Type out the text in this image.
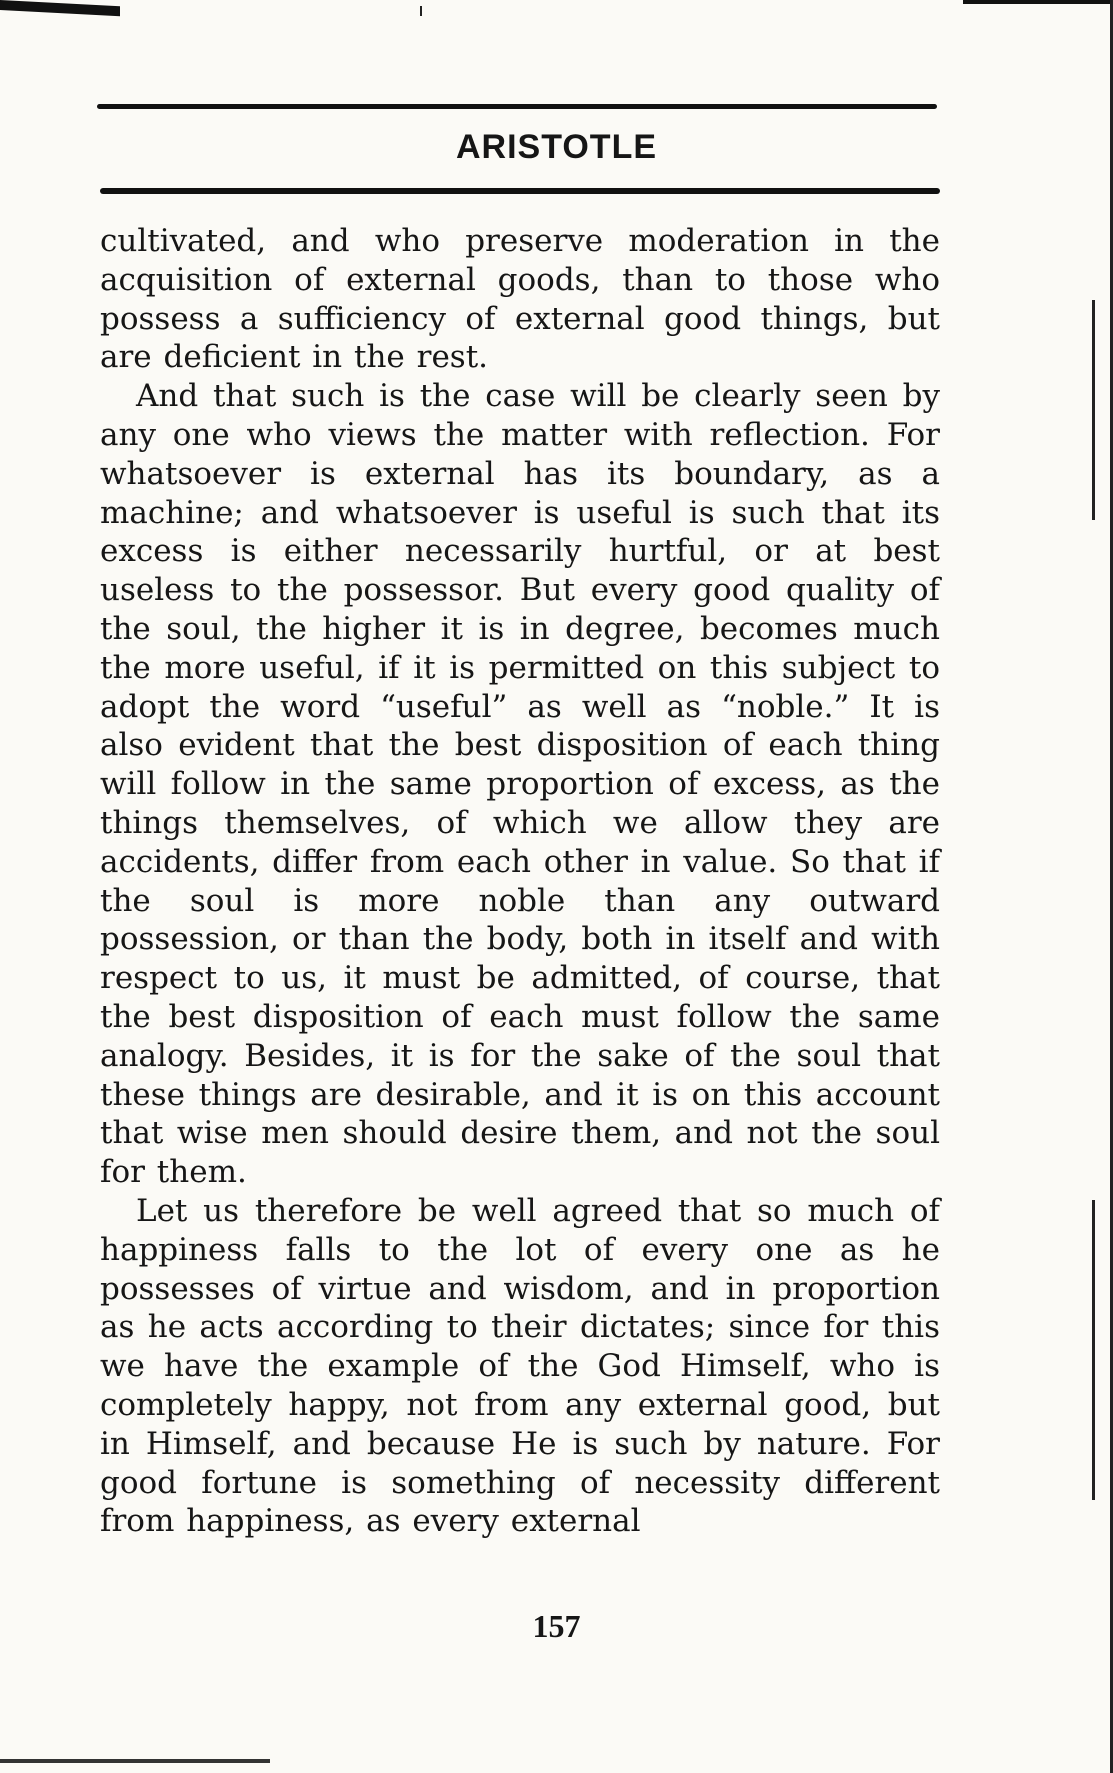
ARISTOTLE

cultivated, and who preserve moderation in the acquisition of external goods, than to those who possess a sufficiency of external good things, but are deficient in the rest.

And that such is the case will be clearly seen by any one who views the matter with reflection. For whatsoever is external has its boundary, as a machine; and whatsoever is useful is such that its excess is either necessarily hurtful, or at best useless to the possessor. But every good quality of the soul, the higher it is in degree, becomes much the more useful, if it is permitted on this subject to adopt the word “useful” as well as “noble.” It is also evident that the best disposition of each thing will follow in the same proportion of excess, as the things themselves, of which we allow they are accidents, differ from each other in value. So that if the soul is more noble than any outward possession, or than the body, both in itself and with respect to us, it must be admitted, of course, that the best disposition of each must follow the same analogy. Besides, it is for the sake of the soul that these things are desirable, and it is on this account that wise men should desire them, and not the soul for them.

Let us therefore be well agreed that so much of happiness falls to the lot of every one as he possesses of virtue and wisdom, and in proportion as he acts according to their dictates; since for this we have the example of the God Himself, who is completely happy, not from any external good, but in Himself, and because He is such by nature. For good fortune is something of necessity different from happiness, as every external

157
